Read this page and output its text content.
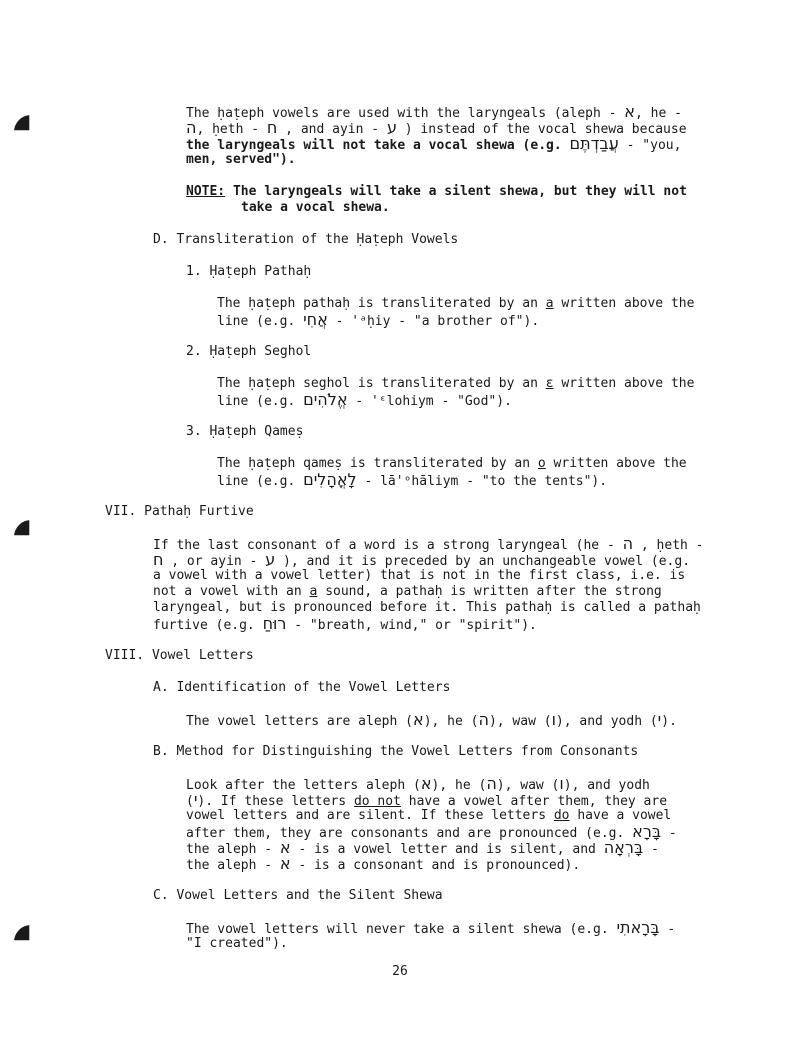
The ḥaṭeph vowels are used with the laryngeals (aleph - א, he -

ה, ḥeth - ח , and ayin - ע ) instead of the vocal shewa because

the laryngeals will not take a vocal shewa (e.g. עֲבַדְתֶּם - "you,

men, served").

NOTE: The laryngeals will take a silent shewa, but they will not

take a vocal shewa.

D. Transliteration of the Ḥaṭeph Vowels

1. Ḥaṭeph Pathaḥ

The ḥaṭeph pathaḥ is transliterated by an a written above the

line (e.g. אֲחִי - 'ᵃḥiy - "a brother of").

2. Ḥaṭeph Seghol

The ḥaṭeph seghol is transliterated by an ɛ written above the

line (e.g. אֱלֹהִים - 'ᵋlohiym - "God").

3. Ḥaṭeph Qameṣ

The ḥaṭeph qameṣ is transliterated by an o written above the

line (e.g. לָאֳהָלִים - lā'ᵒhāliym - "to the tents").

VII. Pathaḥ Furtive

If the last consonant of a word is a strong laryngeal (he - ה , ḥeth -

ח , or ayin - ע ), and it is preceded by an unchangeable vowel (e.g.

a vowel with a vowel letter) that is not in the first class, i.e. is

not a vowel with an a sound, a pathaḥ is written after the strong

laryngeal, but is pronounced before it. This pathaḥ is called a pathaḥ

furtive (e.g. רוּחַ - "breath, wind," or "spirit").

VIII. Vowel Letters

A. Identification of the Vowel Letters

The vowel letters are aleph (א), he (ה), waw (ו), and yodh (י).

B. Method for Distinguishing the Vowel Letters from Consonants

Look after the letters aleph (א), he (ה), waw (ו), and yodh

(י). If these letters do not have a vowel after them, they are

vowel letters and are silent. If these letters do have a vowel

after them, they are consonants and are pronounced (e.g. בָּרָא -

the aleph - א - is a vowel letter and is silent, and בָּרְאָה -

the aleph - א - is a consonant and is pronounced).

C. Vowel Letters and the Silent Shewa

The vowel letters will never take a silent shewa (e.g. בָּרָאתִי -

"I created").

26
